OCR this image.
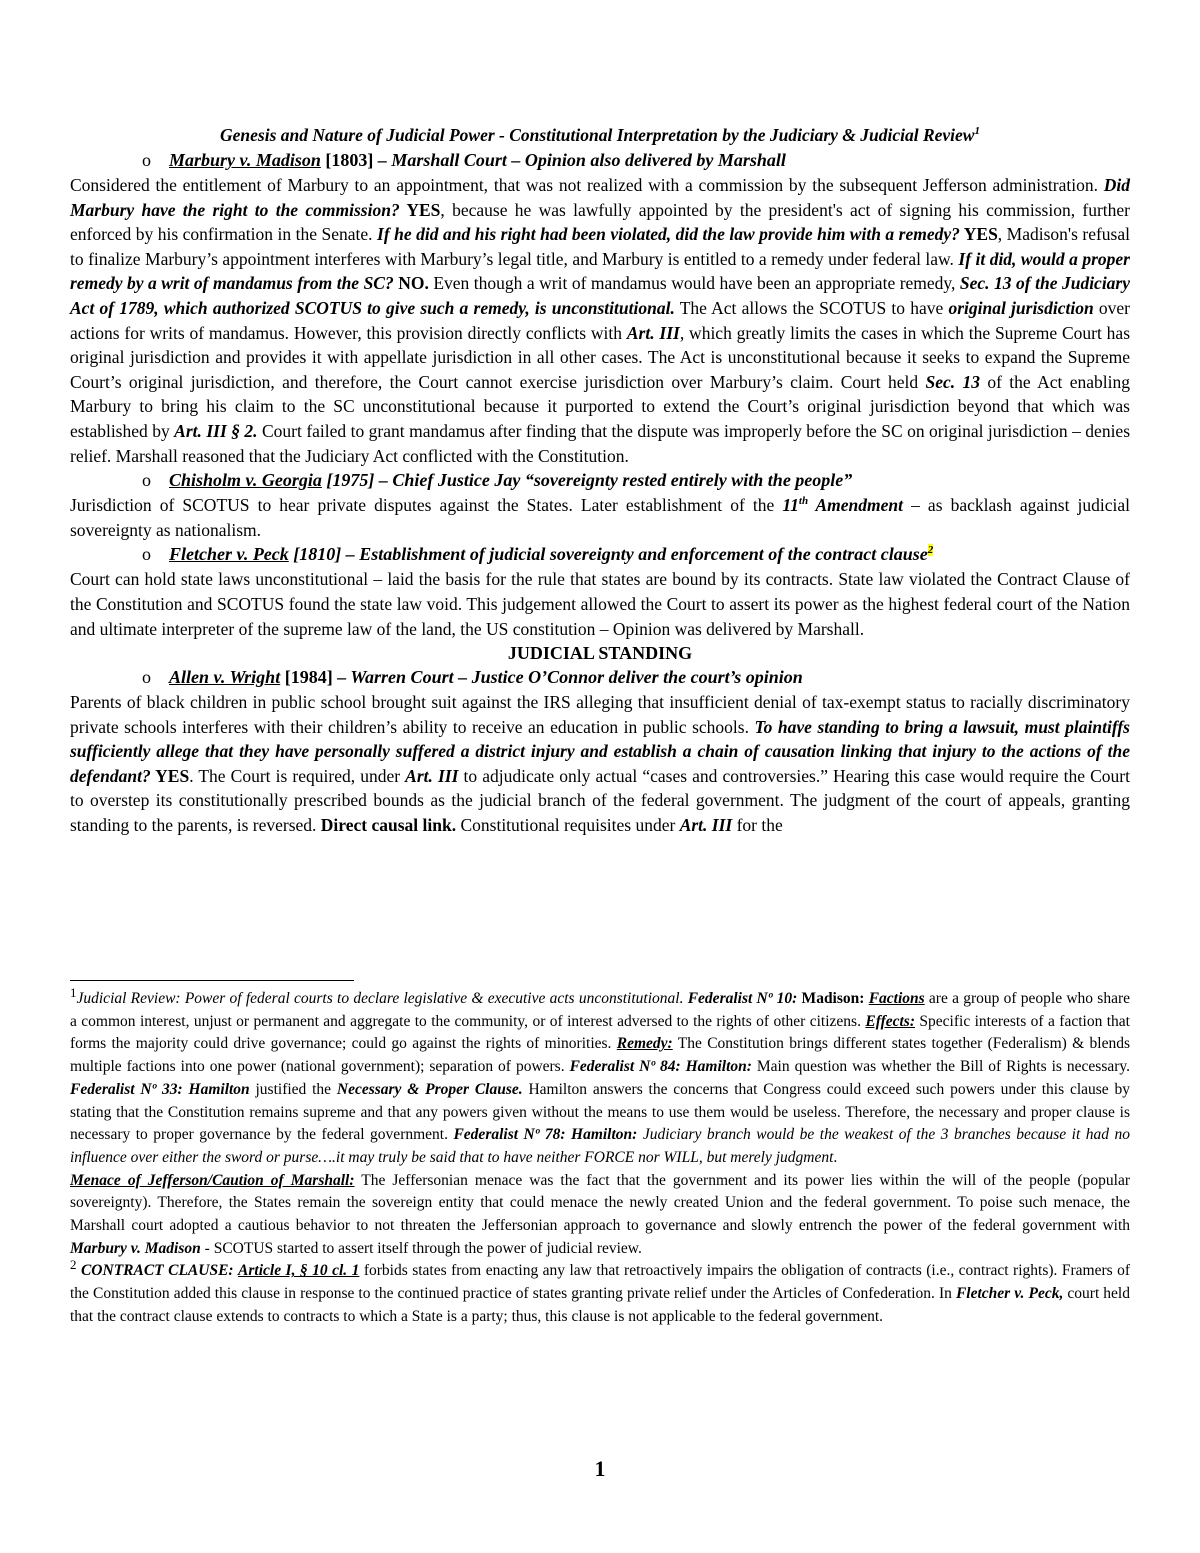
Genesis and Nature of Judicial Power - Constitutional Interpretation by the Judiciary & Judicial Review$^1$

o Marbury v. Madison [1803] – Marshall Court – Opinion also delivered by Marshall

Considered the entitlement of Marbury to an appointment, that was not realized with a commission by the subsequent Jefferson administration. Did Marbury have the right to the commission? YES, because he was lawfully appointed by the president's act of signing his commission, further enforced by his confirmation in the Senate. If he did and his right had been violated, did the law provide him with a remedy? YES, Madison's refusal to finalize Marbury’s appointment interferes with Marbury’s legal title, and Marbury is entitled to a remedy under federal law. If it did, would a proper remedy by a writ of mandamus from the SC? NO. Even though a writ of mandamus would have been an appropriate remedy, Sec. 13 of the Judiciary Act of 1789, which authorized SCOTUS to give such a remedy, is unconstitutional. The Act allows the SCOTUS to have original jurisdiction over actions for writs of mandamus. However, this provision directly conflicts with Art. III, which greatly limits the cases in which the Supreme Court has original jurisdiction and provides it with appellate jurisdiction in all other cases. The Act is unconstitutional because it seeks to expand the Supreme Court’s original jurisdiction, and therefore, the Court cannot exercise jurisdiction over Marbury’s claim. Court held Sec. 13 of the Act enabling Marbury to bring his claim to the SC unconstitutional because it purported to extend the Court’s original jurisdiction beyond that which was established by Art. III § 2. Court failed to grant mandamus after finding that the dispute was improperly before the SC on original jurisdiction – denies relief. Marshall reasoned that the Judiciary Act conflicted with the Constitution.

o Chisholm v. Georgia [1975] – Chief Justice Jay “sovereignty rested entirely with the people”

Jurisdiction of SCOTUS to hear private disputes against the States. Later establishment of the 11th Amendment – as backlash against judicial sovereignty as nationalism.

o Fletcher v. Peck [1810] – Establishment of judicial sovereignty and enforcement of the contract clause$^2$

Court can hold state laws unconstitutional – laid the basis for the rule that states are bound by its contracts. State law violated the Contract Clause of the Constitution and SCOTUS found the state law void. This judgement allowed the Court to assert its power as the highest federal court of the Nation and ultimate interpreter of the supreme law of the land, the US constitution – Opinion was delivered by Marshall.

JUDICIAL STANDING

o Allen v. Wright [1984] – Warren Court – Justice O’Connor deliver the court’s opinion

Parents of black children in public school brought suit against the IRS alleging that insufficient denial of tax-exempt status to racially discriminatory private schools interferes with their children’s ability to receive an education in public schools. To have standing to bring a lawsuit, must plaintiffs sufficiently allege that they have personally suffered a district injury and establish a chain of causation linking that injury to the actions of the defendant? YES. The Court is required, under Art. III to adjudicate only actual “cases and controversies.” Hearing this case would require the Court to overstep its constitutionally prescribed bounds as the judicial branch of the federal government. The judgment of the court of appeals, granting standing to the parents, is reversed. Direct causal link. Constitutional requisites under Art. III for the

$^1$Judicial Review: Power of federal courts to declare legislative & executive acts unconstitutional. Federalist Nº 10: Madison: Factions are a group of people who share a common interest, unjust or permanent and aggregate to the community, or of interest adversed to the rights of other citizens. Effects: Specific interests of a faction that forms the majority could drive governance; could go against the rights of minorities. Remedy: The Constitution brings different states together (Federalism) & blends multiple factions into one power (national government); separation of powers. Federalist Nº 84: Hamilton: Main question was whether the Bill of Rights is necessary. Federalist Nº 33: Hamilton justified the Necessary & Proper Clause. Hamilton answers the concerns that Congress could exceed such powers under this clause by stating that the Constitution remains supreme and that any powers given without the means to use them would be useless. Therefore, the necessary and proper clause is necessary to proper governance by the federal government. Federalist Nº 78: Hamilton: Judiciary branch would be the weakest of the 3 branches because it had no influence over either the sword or purse….it may truly be said that to have neither FORCE nor WILL, but merely judgment.

Menace of Jefferson/Caution of Marshall: The Jeffersonian menace was the fact that the government and its power lies within the will of the people (popular sovereignty). Therefore, the States remain the sovereign entity that could menace the newly created Union and the federal government. To poise such menace, the Marshall court adopted a cautious behavior to not threaten the Jeffersonian approach to governance and slowly entrench the power of the federal government with Marbury v. Madison - SCOTUS started to assert itself through the power of judicial review.

$^2$ CONTRACT CLAUSE: Article I, § 10 cl. 1 forbids states from enacting any law that retroactively impairs the obligation of contracts (i.e., contract rights). Framers of the Constitution added this clause in response to the continued practice of states granting private relief under the Articles of Confederation. In Fletcher v. Peck, court held that the contract clause extends to contracts to which a State is a party; thus, this clause is not applicable to the federal government.

1
